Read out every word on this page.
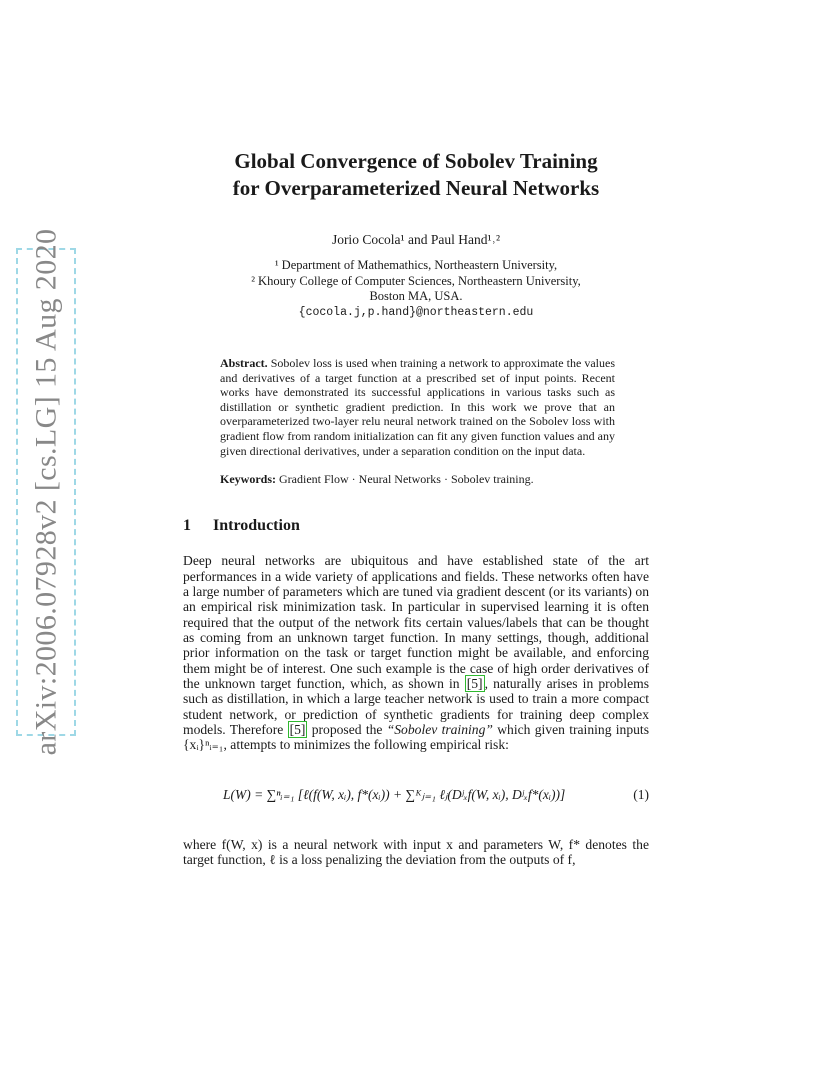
arXiv:2006.07928v2 [cs.LG] 15 Aug 2020
Global Convergence of Sobolev Training
for Overparameterized Neural Networks
Jorio Cocola¹ and Paul Hand¹˒²
¹ Department of Mathemathics, Northeastern University,
² Khoury College of Computer Sciences, Northeastern University,
Boston MA, USA.
{cocola.j,p.hand}@northeastern.edu
Abstract. Sobolev loss is used when training a network to approximate the values and derivatives of a target function at a prescribed set of input points. Recent works have demonstrated its successful applications in various tasks such as distillation or synthetic gradient prediction. In this work we prove that an overparameterized two-layer relu neural network trained on the Sobolev loss with gradient flow from random initialization can fit any given function values and any given directional derivatives, under a separation condition on the input data.
Keywords: Gradient Flow · Neural Networks · Sobolev training.
1 Introduction
Deep neural networks are ubiquitous and have established state of the art performances in a wide variety of applications and fields. These networks often have a large number of parameters which are tuned via gradient descent (or its variants) on an empirical risk minimization task. In particular in supervised learning it is often required that the output of the network fits certain values/labels that can be thought as coming from an unknown target function. In many settings, though, additional prior information on the task or target function might be available, and enforcing them might be of interest. One such example is the case of high order derivatives of the unknown target function, which, as shown in [5] , naturally arises in problems such as distillation, in which a large teacher network is used to train a more compact student network, or prediction of synthetic gradients for training deep complex models. Therefore [5] proposed the “Sobolev training” which given training inputs {xᵢ}ⁿᵢ₌₁, attempts to minimizes the following empirical risk:
L(W) = ∑ⁿᵢ₌₁ [ℓ(f(W, xᵢ), f*(xᵢ)) + ∑ᴷⱼ₌₁ ℓⱼ(Dʲₓf(W, xᵢ), Dʲₓf*(xᵢ))]	(1)
where f(W, x) is a neural network with input x and parameters W, f* denotes the target function, ℓ is a loss penalizing the deviation from the outputs of f,
